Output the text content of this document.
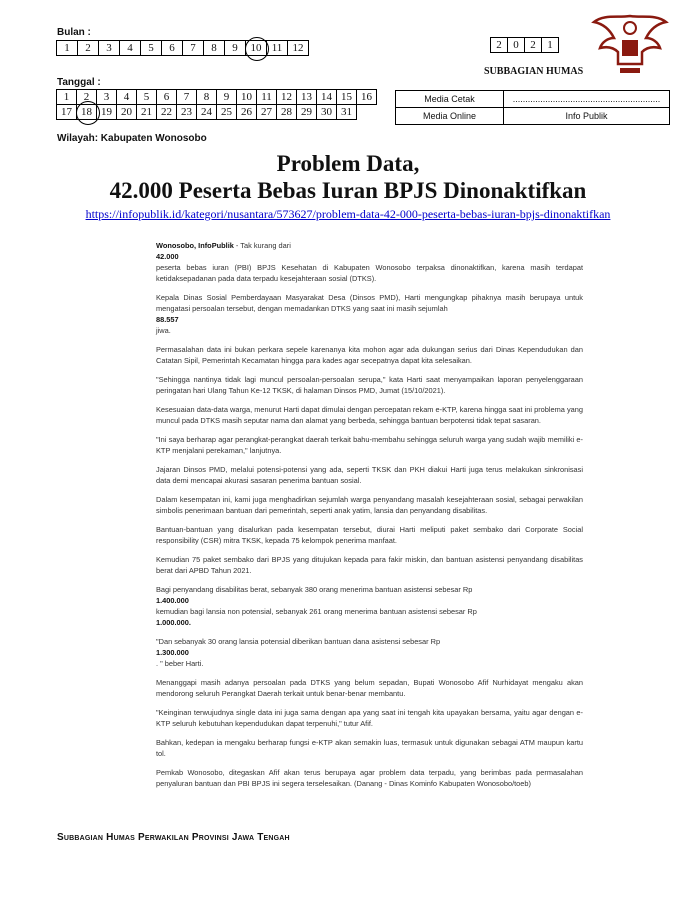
Bulan :
1	2	3	4	5	6	7	8	9	10	11	12	2	0	2	1
SUBBAGIAN HUMAS
Tanggal :
1	2	3	4	5	6	7	8	9	10	11	12	13	14	15	16
17	18	19	20	21	22	23	24	25	26	27	28	29	30	31	
Media Cetak	...........................................................
Media Online	Info Publik
Wilayah: Kabupaten Wonosobo
Problem Data,
42.000 Peserta Bebas Iuran BPJS Dinonaktifkan
https://infopublik.id/kategori/nusantara/573627/problem-data-42-000-peserta-bebas-iuran-bpjs-dinonaktifkan

Wonosobo, InfoPublik - Tak kurang dari
42.000
peserta bebas iuran (PBI) BPJS Kesehatan di Kabupaten Wonosobo terpaksa dinonaktifkan, karena masih terdapat ketidaksepadanan pada data terpadu kesejahteraan sosial (DTKS).

Kepala Dinas Sosial Pemberdayaan Masyarakat Desa (Dinsos PMD), Harti mengungkap pihaknya masih berupaya untuk mengatasi persoalan tersebut, dengan memadankan DTKS yang saat ini masih sejumlah
88.557
jiwa.

Permasalahan data ini bukan perkara sepele karenanya kita mohon agar ada dukungan serius dari Dinas Kependudukan dan Catatan Sipil, Pemerintah Kecamatan hingga para kades agar secepatnya dapat kita selesaikan.

"Sehingga nantinya tidak lagi muncul persoalan-persoalan serupa," kata Harti saat menyampaikan laporan penyelenggaraan peringatan hari Ulang Tahun Ke-12 TKSK, di halaman Dinsos PMD, Jumat (15/10/2021).

Kesesuaian data-data warga, menurut Harti dapat dimulai dengan percepatan rekam e-KTP, karena hingga saat ini problema yang muncul pada DTKS masih seputar nama dan alamat yang berbeda, sehingga bantuan berpotensi tidak tepat sasaran.

"Ini saya berharap agar perangkat-perangkat daerah terkait bahu-membahu sehingga seluruh warga yang sudah wajib memiliki e-KTP menjalani perekaman," lanjutnya.

Jajaran Dinsos PMD, melalui potensi-potensi yang ada, seperti TKSK dan PKH diakui Harti juga terus melakukan sinkronisasi data demi mencapai akurasi sasaran penerima bantuan sosial.

Dalam kesempatan ini, kami juga menghadirkan sejumlah warga penyandang masalah kesejahteraan sosial, sebagai perwakilan simbolis penerimaan bantuan dari pemerintah, seperti anak yatim, lansia dan penyandang disabilitas.

Bantuan-bantuan yang disalurkan pada kesempatan tersebut, diurai Harti meliputi paket sembako dari Corporate Social responsibility (CSR) mitra TKSK, kepada 75 kelompok penerima manfaat.

Kemudian 75 paket sembako dari BPJS yang ditujukan kepada para fakir miskin, dan bantuan asistensi penyandang disabilitas berat dari APBD Tahun 2021.

Bagi penyandang disabilitas berat, sebanyak 380 orang menerima bantuan asistensi sebesar Rp
1.400.000
kemudian bagi lansia non potensial, sebanyak 261 orang menerima bantuan asistensi sebesar Rp
1.000.000.

"Dan sebanyak 30 orang lansia potensial diberikan bantuan dana asistensi sebesar Rp
1.300.000
. " beber Harti.

Menanggapi masih adanya persoalan pada DTKS yang belum sepadan, Bupati Wonosobo Afif Nurhidayat mengaku akan mendorong seluruh Perangkat Daerah terkait untuk benar-benar membantu.

"Keinginan terwujudnya single data ini juga sama dengan apa yang saat ini tengah kita upayakan bersama, yaitu agar dengan e-KTP seluruh kebutuhan kependudukan dapat terpenuhi," tutur Afif.

Bahkan, kedepan ia mengaku berharap fungsi e-KTP akan semakin luas, termasuk untuk digunakan sebagai ATM maupun kartu tol.

Pemkab Wonosobo, ditegaskan Afif akan terus berupaya agar problem data terpadu, yang berimbas pada permasalahan penyaluran bantuan dan PBI BPJS ini segera terselesaikan. (Danang - Dinas Kominfo Kabupaten Wonosobo/toeb)

Subbagian Humas Perwakilan Provinsi Jawa Tengah
